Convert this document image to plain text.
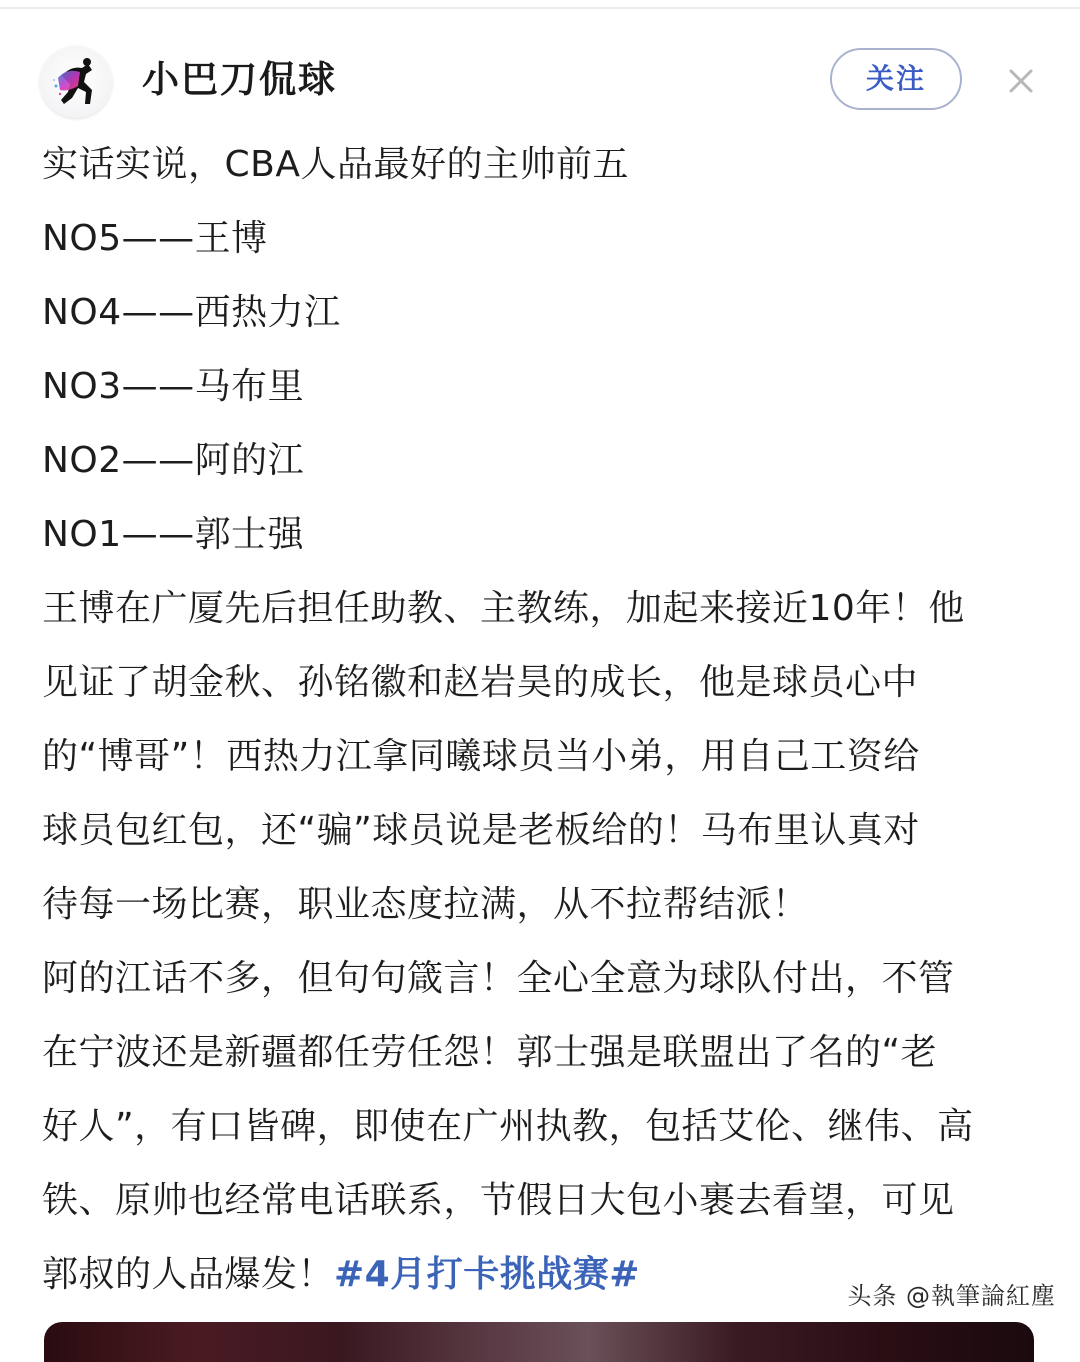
小巴刀侃球	关注
实话实说，CBA人品最好的主帅前五
NO5——王博
NO4——西热力江
NO3——马布里
NO2——阿的江
NO1——郭士强
王博在广厦先后担任助教、主教练，加起来接近10年！他
见证了胡金秋、孙铭徽和赵岩昊的成长，他是球员心中
的“博哥”！西热力江拿同曦球员当小弟，用自己工资给
球员包红包，还“骗”球员说是老板给的！马布里认真对
待每一场比赛，职业态度拉满，从不拉帮结派！
阿的江话不多，但句句箴言！全心全意为球队付出，不管
在宁波还是新疆都任劳任怨！郭士强是联盟出了名的“老
好人”，有口皆碑，即使在广州执教，包括艾伦、继伟、高
铁、原帅也经常电话联系，节假日大包小裹去看望，可见
郭叔的人品爆发！#4月打卡挑战赛#
头条 @執筆論紅塵
